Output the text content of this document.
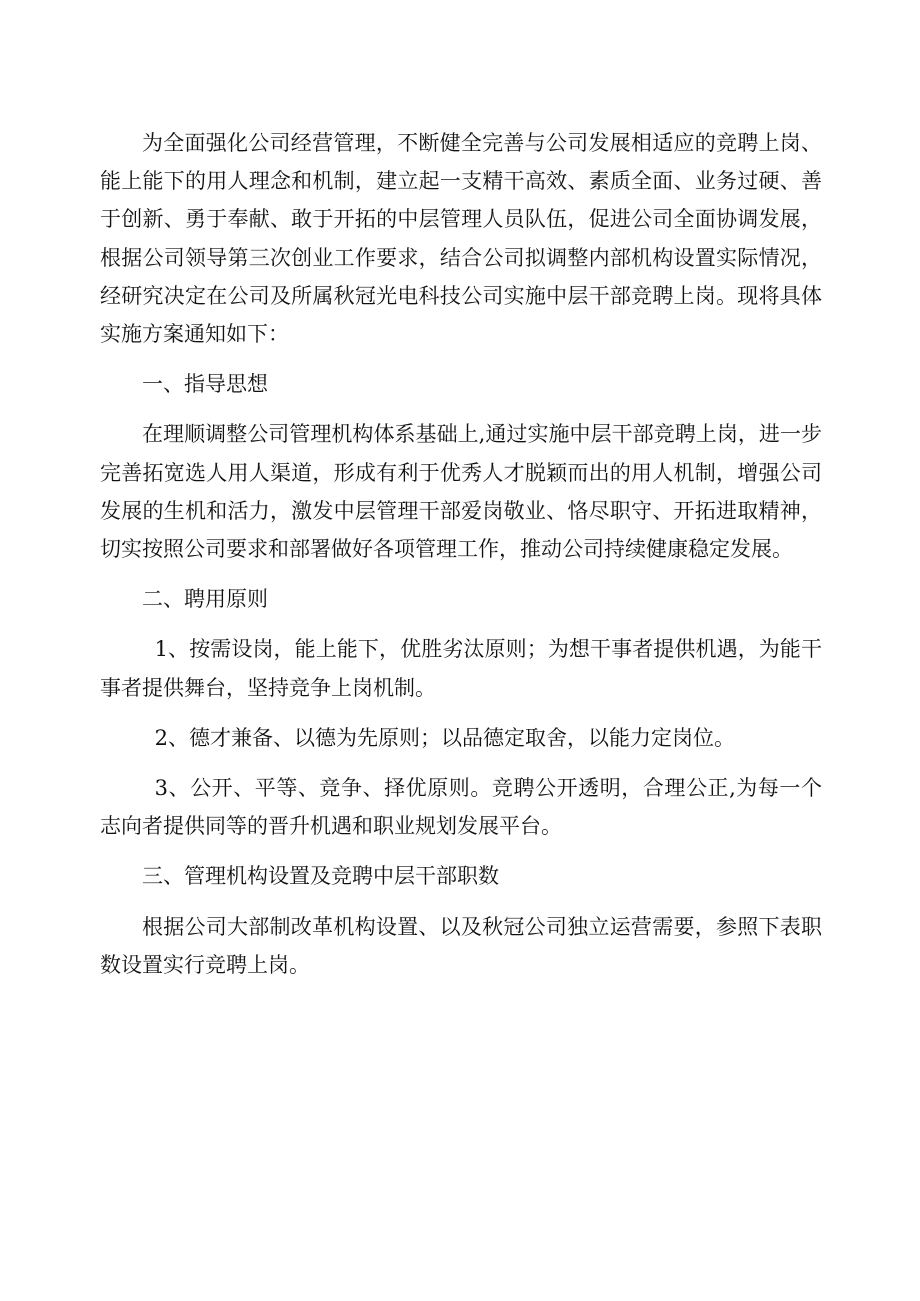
为全面强化公司经营管理，不断健全完善与公司发展相适应的竞聘上岗、能上能下的用人理念和机制，建立起一支精干高效、素质全面、业务过硬、善于创新、勇于奉献、敢于开拓的中层管理人员队伍，促进公司全面协调发展，根据公司领导第三次创业工作要求，结合公司拟调整内部机构设置实际情况，经研究决定在公司及所属秋冠光电科技公司实施中层干部竞聘上岗。现将具体实施方案通知如下：

一、指导思想

在理顺调整公司管理机构体系基础上,通过实施中层干部竞聘上岗，进一步完善拓宽选人用人渠道，形成有利于优秀人才脱颖而出的用人机制，增强公司发展的生机和活力，激发中层管理干部爱岗敬业、恪尽职守、开拓进取精神，切实按照公司要求和部署做好各项管理工作，推动公司持续健康稳定发展。

二、聘用原则

1、按需设岗，能上能下，优胜劣汰原则；为想干事者提供机遇，为能干事者提供舞台，坚持竞争上岗机制。

2、德才兼备、以德为先原则；以品德定取舍，以能力定岗位。

3、公开、平等、竞争、择优原则。竞聘公开透明，合理公正,为每一个志向者提供同等的晋升机遇和职业规划发展平台。

三、管理机构设置及竞聘中层干部职数

根据公司大部制改革机构设置、以及秋冠公司独立运营需要，参照下表职数设置实行竞聘上岗。
